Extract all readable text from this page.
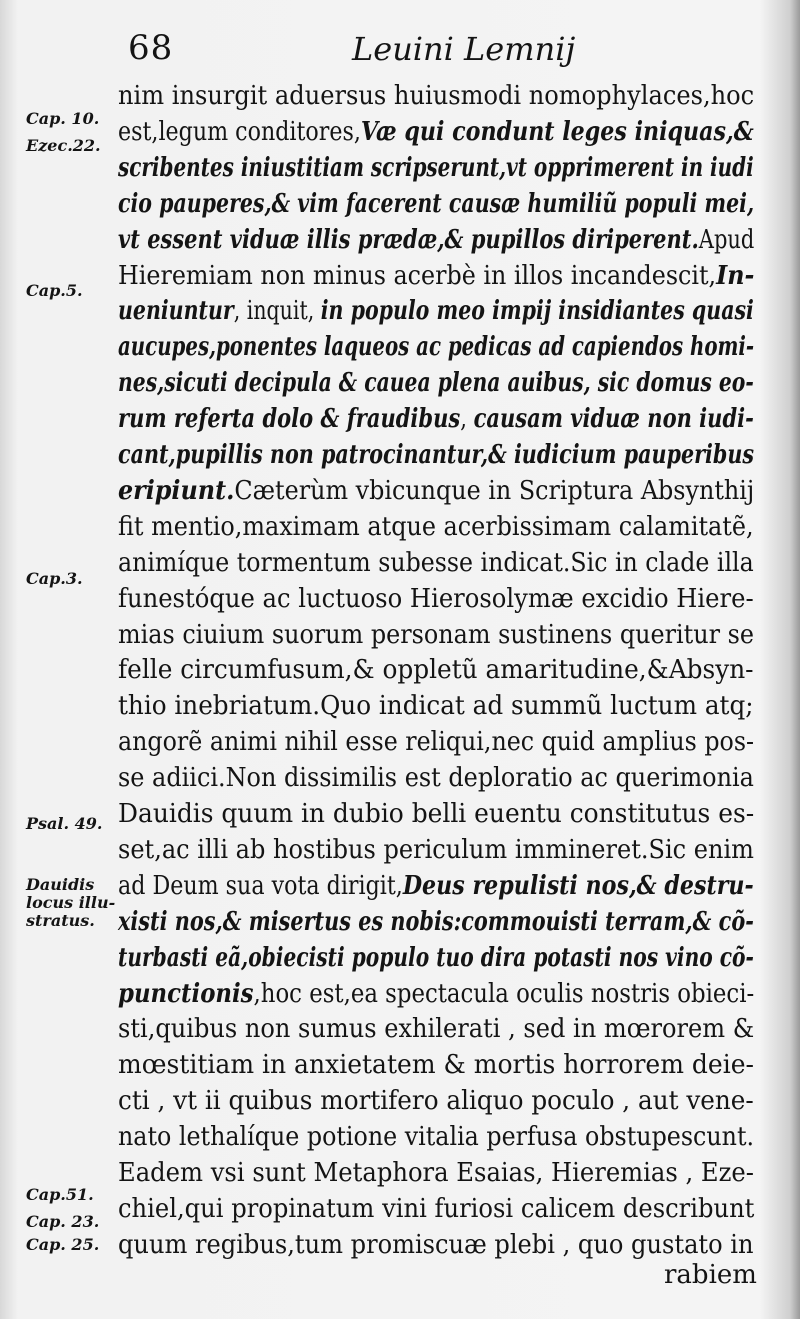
68	Leuini Lemnij
Cap. 10.
Ezec.22.
Cap.5.
Cap.3.
Psal. 49.
Dauidis
locus illu-
stratus.
Cap.51.
Cap. 23.
Cap. 25.
nim insurgit aduersus huiusmodi nomophylaces,hoc
est,legum conditores,Væ qui condunt leges iniquas,&
scribentes iniustitiam scripserunt,vt opprimerent in iudi
cio pauperes,& vim facerent causæ humiliũ populi mei,
vt essent viduæ illis prædæ,& pupillos diriperent.Apud
Hieremiam non minus acerbè in illos incandescit,In-
ueniuntur, inquit, in populo meo impij insidiantes quasi
aucupes,ponentes laqueos ac pedicas ad capiendos homi-
nes,sicuti decipula & cauea plena auibus, sic domus eo-
rum referta dolo & fraudibus, causam viduæ non iudi-
cant,pupillis non patrocinantur,& iudicium pauperibus
eripiunt.Cæterùm vbicunque in Scriptura Absynthij
fit mentio,maximam atque acerbissimam calamitatẽ,
animíque tormentum subesse indicat.Sic in clade illa
funestóque ac luctuoso Hierosolymæ excidio Hiere-
mias ciuium suorum personam sustinens queritur se
felle circumfusum,& oppletũ amaritudine,&Absyn-
thio inebriatum.Quo indicat ad summũ luctum atq;
angorẽ animi nihil esse reliqui,nec quid amplius pos-
se adiici.Non dissimilis est deploratio ac querimonia
Dauidis quum in dubio belli euentu constitutus es-
set,ac illi ab hostibus periculum immineret.Sic enim
ad Deum sua vota dirigit,Deus repulisti nos,& destru-
xisti nos,& misertus es nobis:commouisti terram,& cõ-
turbasti eã,obiecisti populo tuo dira potasti nos vino cõ-
punctionis,hoc est,ea spectacula oculis nostris obieci-
sti,quibus non sumus exhilerati , sed in mœrorem &
mœstitiam in anxietatem & mortis horrorem deie-
cti , vt ii quibus mortifero aliquo poculo , aut vene-
nato lethalíque potione vitalia perfusa obstupescunt.
Eadem vsi sunt Metaphora Esaias, Hieremias , Eze-
chiel,qui propinatum vini furiosi calicem describunt
quum regibus,tum promiscuæ plebi , quo gustato in
rabiem
